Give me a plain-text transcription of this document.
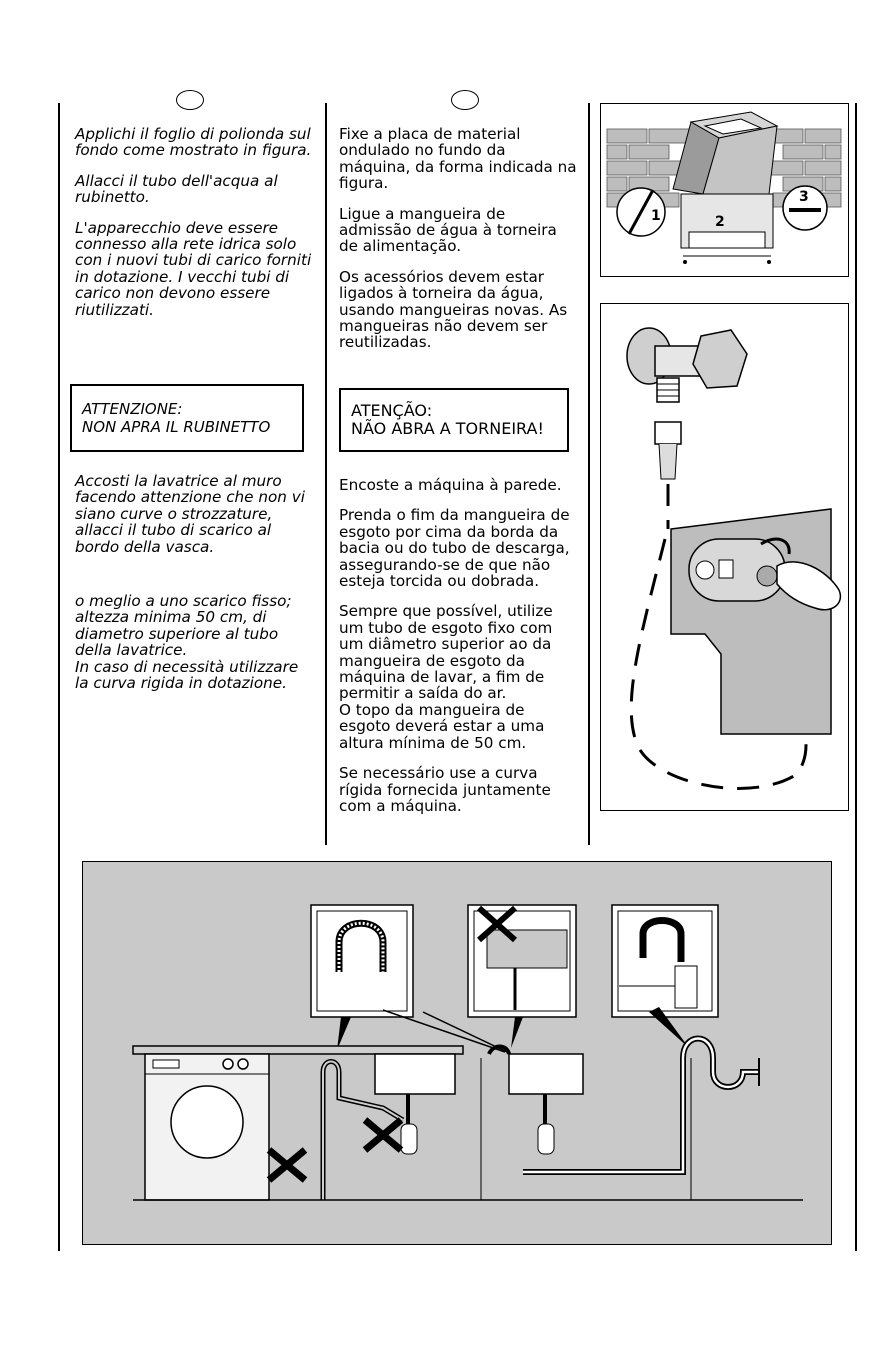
Applichi il foglio di polionda sul fondo come mostrato in figura.

Allacci il tubo dell'acqua al rubinetto.

L'apparecchio deve essere connesso alla rete idrica solo con i nuovi tubi di carico forniti in dotazione. I vecchi tubi di carico non devono essere riutilizzati.

ATTENZIONE:
NON APRA IL RUBINETTO

Accosti la lavatrice al muro facendo attenzione che non vi siano curve o strozzature, allacci il tubo di scarico al bordo della vasca.

o meglio a uno scarico fisso; altezza minima 50 cm, di diametro superiore al tubo della lavatrice.

In caso di necessità utilizzare la curva rigida in dotazione.

Fixe a placa de material ondulado no fundo da máquina, da forma indicada na figura.

Ligue a mangueira de admissão de água à torneira de alimentação.

Os acessórios devem estar ligados à torneira da água, usando mangueiras novas. As mangueiras não devem ser reutilizadas.

ATENÇÃO:
NÃO ABRA A TORNEIRA!

Encoste a máquina à parede.

Prenda o fim da mangueira de esgoto por cima da borda da bacia ou do tubo de descarga, assegurando-se de que não esteja torcida ou dobrada.

Sempre que possível, utilize um tubo de esgoto fixo com um diâmetro superior ao da mangueira de esgoto da máquina de lavar, a fim de permitir a saída do ar.

O topo da mangueira de esgoto deverá estar a uma altura mínima de 50 cm.

Se necessário use a curva rígida fornecida juntamente com a máquina.

1	2
3
